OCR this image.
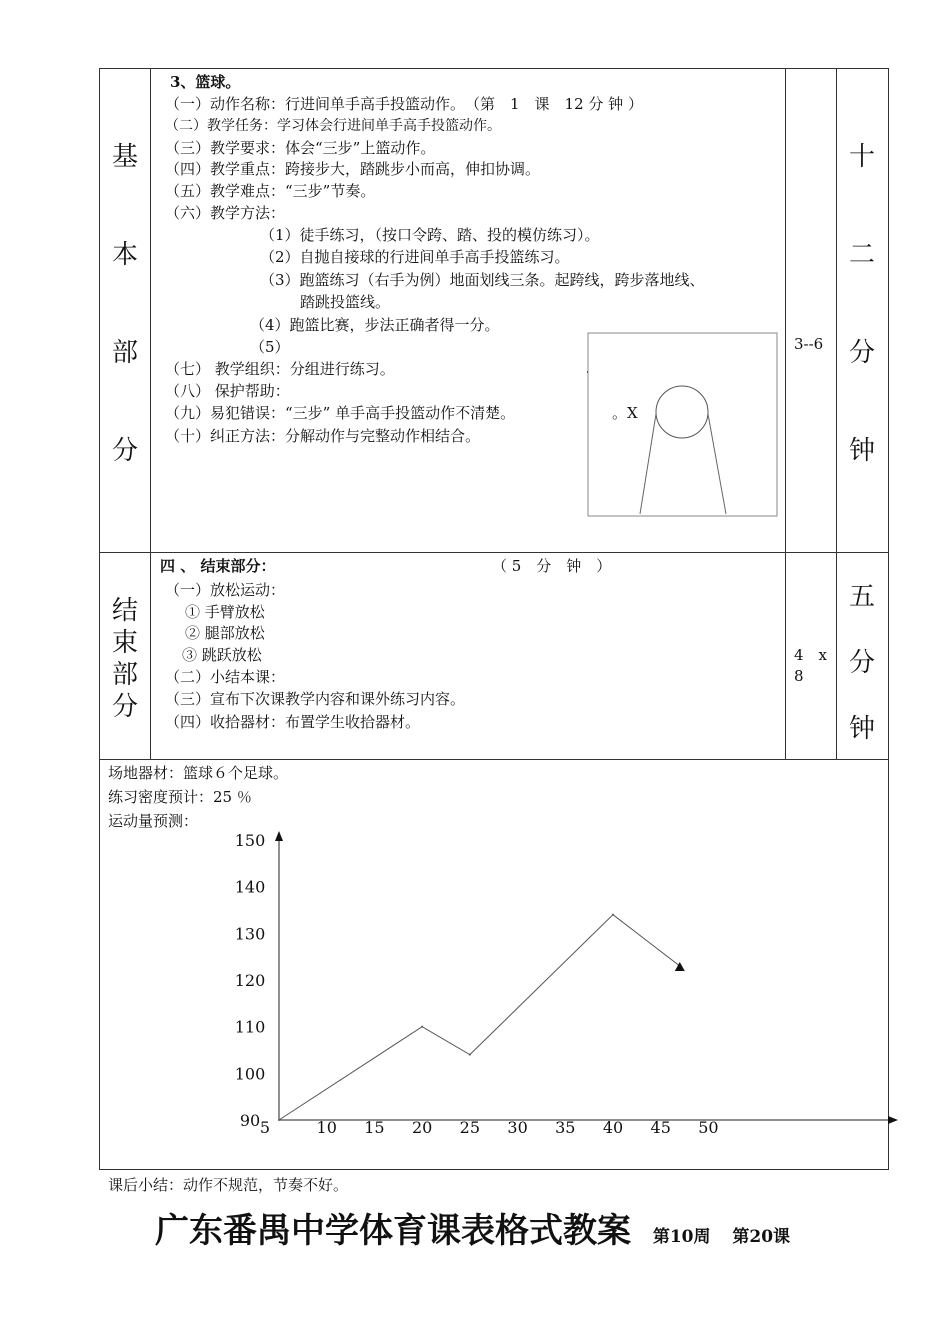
基
本
部
分
3、篮球。
（一）动作名称：行进间单手高手投篮动作。　（第　1　课　12 分 钟 ）
（二）教学任务：学习体会行进间单手高手投篮动作。
（三）教学要求：体会“三步”上篮动作。
（四）教学重点：跨接步大，踏跳步小而高，伸扣协调。
（五）教学难点：“三步”节奏。
（六）教学方法：
（1）徒手练习，（按口令跨、踏、投的模仿练习）。
（2）自抛自接球的行进间单手高手投篮练习。
（3）跑篮练习（右手为例）地面划线三条。起跨线，跨步落地线、
踏跳投篮线。
（4）跑篮比赛，步法正确者得一分。
（5）
（七） 教学组织：分组进行练习。
（八） 保护帮助：
（九）易犯错误：“三步” 单手高手投篮动作不清楚。
（十）纠正方法：分解动作与完整动作相结合。
。X
3--6
十
二
分
钟
结
束
部
分
四 、 结束部分：	（ 5　分　钟　）
（一）放松运动：
① 手臂放松
② 腿部放松
③ 跳跃放松
（二）小结本课：
（三）宣布下次课教学内容和课外练习内容。
（四）收拾器材：布置学生收拾器材。
4　x
8
五
分
钟
场地器材：篮球６个足球。
练习密度预计：25 ％
运动量预测：
150
140
130
120
110
100
90 5	10 15 20 25 30 35 40 45 50
课后小结：动作不规范，节奏不好。
广东番禺中学体育课表格式教案 第10周 第20课
